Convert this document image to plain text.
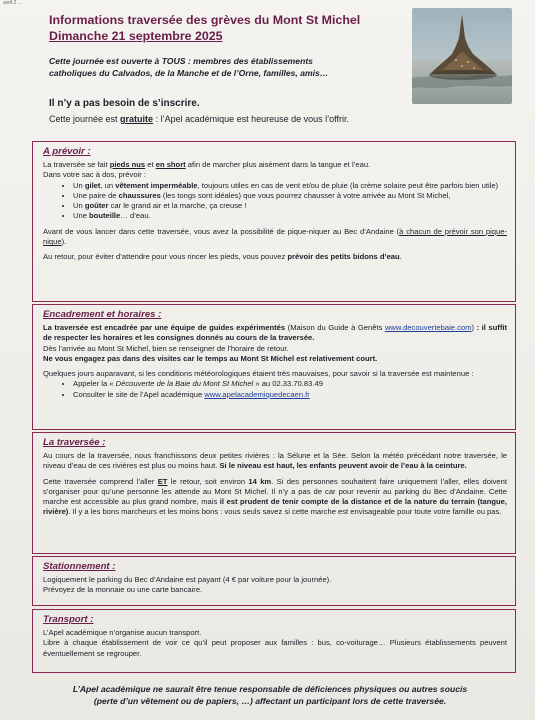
avril.2 ...
Informations traversée des grèves du Mont St Michel
Dimanche 21 septembre 2025
Cette journée est ouverte à TOUS : membres des établissements
catholiques du Calvados, de la Manche et de l’Orne, familles, amis…
Il n’y a pas besoin de s’inscrire.
Cette journée est gratuite : l’Apel académique est heureuse de vous l’offrir.

A prévoir :

La traversée se fait pieds nus et en short afin de marcher plus aisément dans la tangue et l’eau.

Dans votre sac à dos, prévoir :

• Un gilet, un vêtement imperméable, toujours utiles en cas de vent et/ou de pluie (la crème solaire peut être parfois bien utile)
• Une paire de chaussures (les tongs sont idéales) que vous pourrez chausser à votre arrivée au Mont St Michel,
• Un goûter car le grand air et la marche, ça creuse !
• Une bouteille… d’eau.

Avant de vous lancer dans cette traversée, vous avez la possibilité de pique-niquer au Bec d’Andaine (à chacun de prévoir son pique-nique).

Au retour, pour éviter d’attendre pour vous rincer les pieds, vous pouvez prévoir des petits bidons d’eau.

Encadrement et horaires :

La traversée est encadrée par une équipe de guides expérimentés (Maison du Guide à Genêts www.decouvertebaie.com) : il suffit de respecter les horaires et les consignes donnés au cours de la traversée.

Dès l’arrivée au Mont St Michel, bien se renseigner de l’horaire de retour.

Ne vous engagez pas dans des visites car le temps au Mont St Michel est relativement court.

Quelques jours auparavant, si les conditions météorologiques étaient très mauvaises, pour savoir si la traversée est maintenue :

• Appeler la « Découverte de la Baie du Mont St Michel » au 02.33.70.83.49
• Consulter le site de l’Apel académique www.apelacademiquedecaen.fr

La traversée :

Au cours de la traversée, nous franchissons deux petites rivières : la Sélune et la Sée. Selon la météo précédant notre traversée, le niveau d’eau de ces rivières est plus ou moins haut. Si le niveau est haut, les enfants peuvent avoir de l’eau à la ceinture.

Cette traversée comprend l’aller ET le retour, soit environ 14 km. Si des personnes souhaitent faire uniquement l’aller, elles doivent s’organiser pour qu’une personne les attende au Mont St Michel. Il n’y a pas de car pour revenir au parking du Bec d’Andaine. Cette marche est accessible au plus grand nombre, mais il est prudent de tenir compte de la distance et de la nature du terrain (tangue, rivière). Il y a les bons marcheurs et les moins bons : vous seuls savez si cette marche est envisageable pour toute votre famille ou pas.

Stationnement :

Logiquement le parking du Bec d’Andaine est payant (4 € par voiture pour la journée).

Prévoyez de la monnaie ou une carte bancaire.

Transport :

L’Apel académique n’organise aucun transport.

Libre à chaque établissement de voir ce qu’il peut proposer aux familles : bus, co-voiturage… Plusieurs établissements peuvent éventuellement se regrouper.

L’Apel académique ne saurait être tenue responsable de déficiences physiques ou autres soucis
(perte d’un vêtement ou de papiers, …) affectant un participant lors de cette traversée.
